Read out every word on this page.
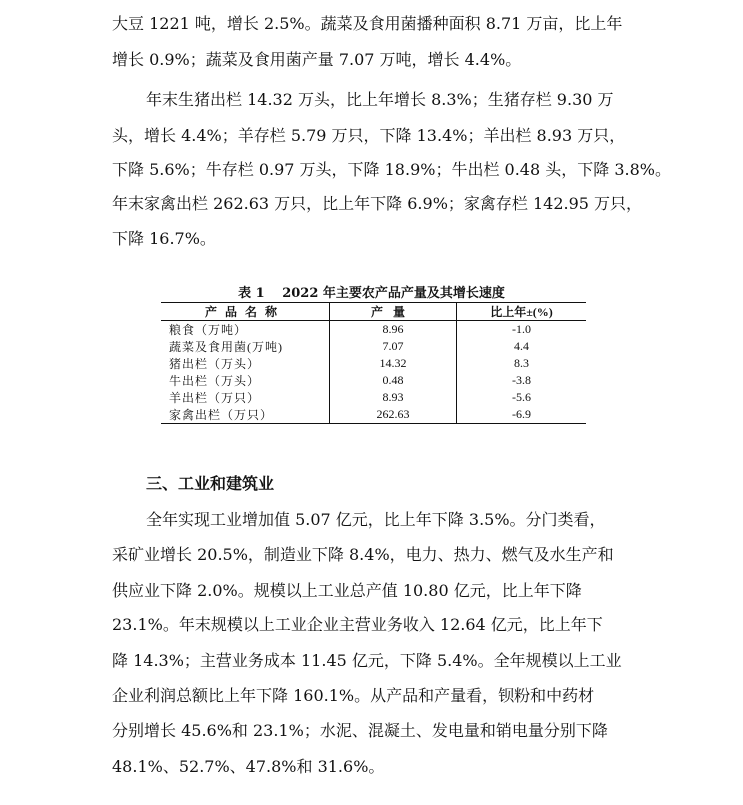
大豆 1221 吨，增长 2.5%。蔬菜及食用菌播种面积 8.71 万亩，比上年
增长 0.9%；蔬菜及食用菌产量 7.07 万吨，增长 4.4%。
年末生猪出栏 14.32 万头，比上年增长 8.3%；生猪存栏 9.30 万
头，增长 4.4%；羊存栏 5.79 万只，下降 13.4%；羊出栏 8.93 万只，
下降 5.6%；牛存栏 0.97 万头，下降 18.9%；牛出栏 0.48 头，下降 3.8%。
年末家禽出栏 262.63 万只，比上年下降 6.9%；家禽存栏 142.95 万只，
下降 16.7%。
表 1　 2022 年主要农产品产量及其增长速度
产品名称	产量	比上年±(%)
粮食（万吨）	8.96	-1.0
蔬菜及食用菌(万吨)	7.07	4.4
猪出栏（万头）	14.32	8.3
牛出栏（万头）	0.48	-3.8
羊出栏（万只）	8.93	-5.6
家禽出栏（万只）	262.63	-6.9
三、工业和建筑业
全年实现工业增加值 5.07 亿元，比上年下降 3.5%。分门类看，
采矿业增长 20.5%，制造业下降 8.4%，电力、热力、燃气及水生产和
供应业下降 2.0%。规模以上工业总产值 10.80 亿元，比上年下降
23.1%。年末规模以上工业企业主营业务收入 12.64 亿元，比上年下
降 14.3%；主营业务成本 11.45 亿元，下降 5.4%。全年规模以上工业
企业利润总额比上年下降 160.1%。从产品和产量看，钡粉和中药材
分别增长 45.6%和 23.1%；水泥、混凝土、发电量和销电量分别下降
48.1%、52.7%、47.8%和 31.6%。
